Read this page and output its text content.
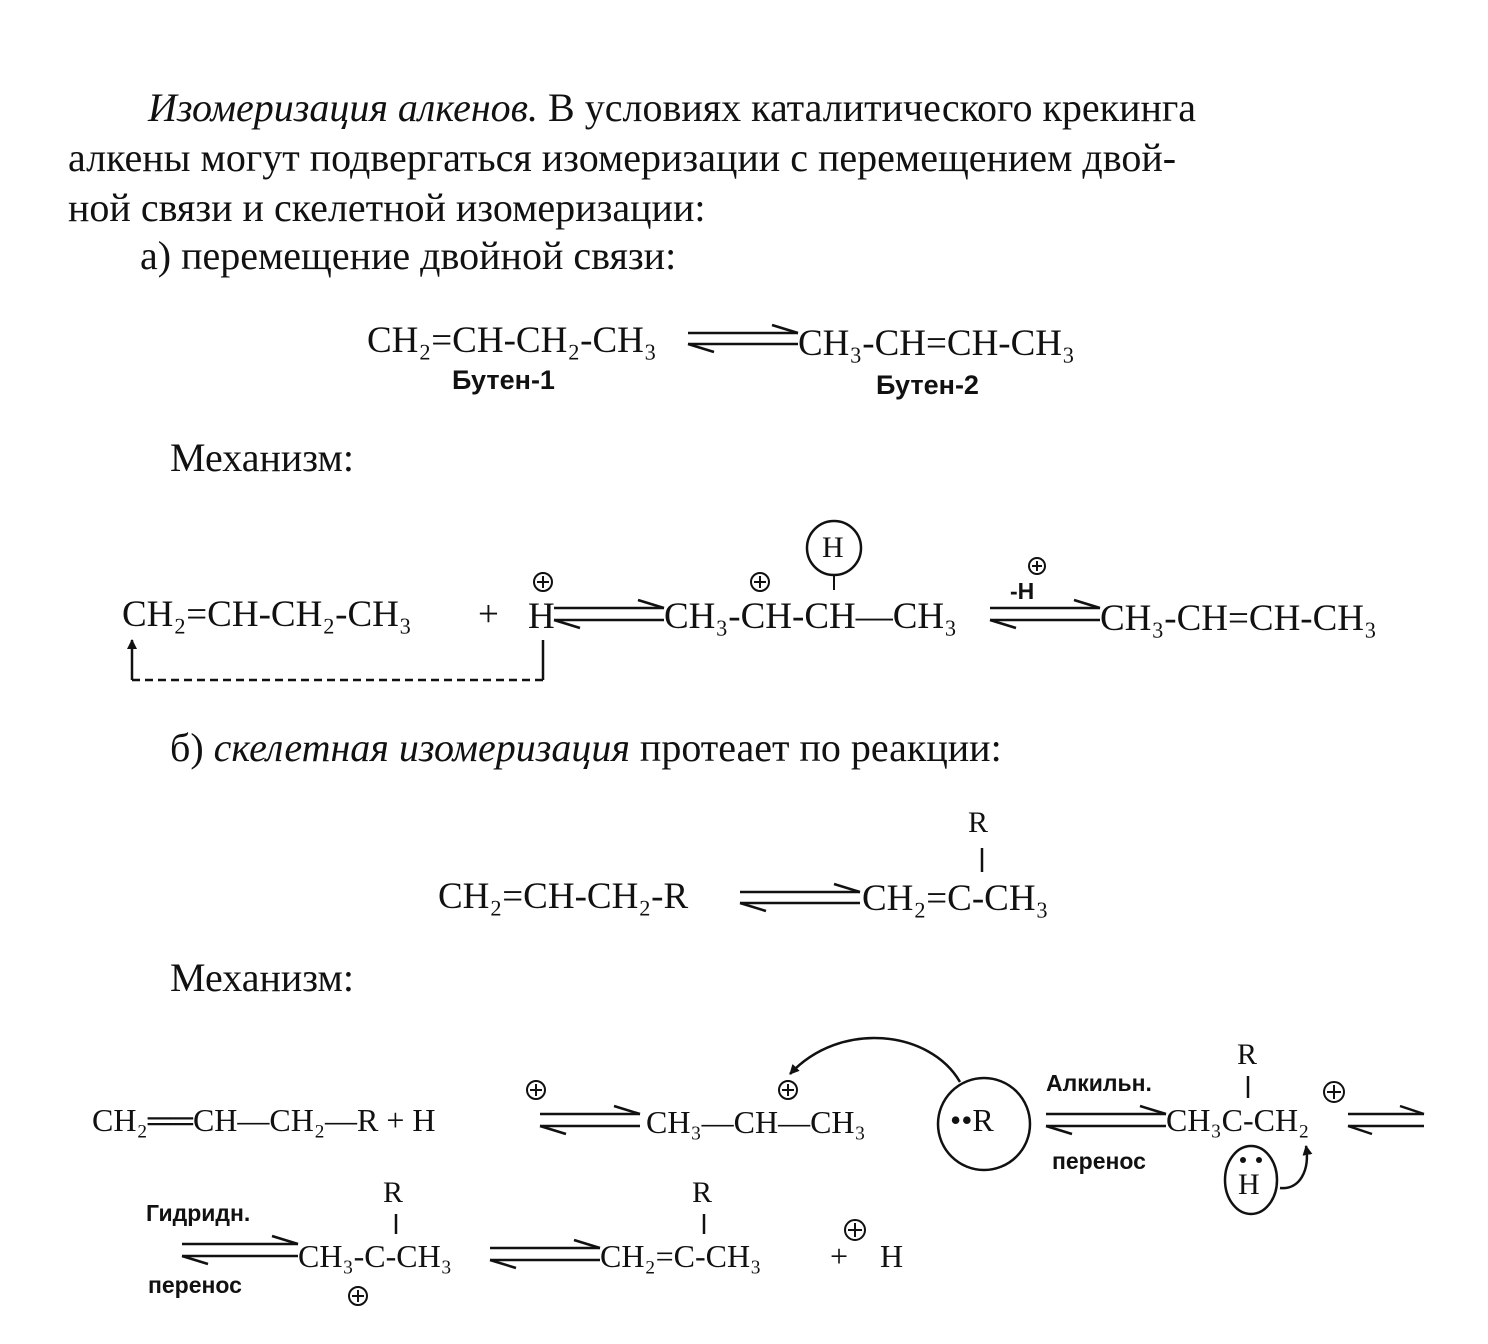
Изомеризация алкенов. В условиях каталитического крекинга
алкены могут подвергаться изомеризации с перемещением двой-
ной связи и скелетной изомеризации:
а) перемещение двойной связи:
CH₂=CH-CH₂-CH₃	CH₃-CH=CH-CH₃
Бутен-1	Бутен-2
Механизм:
CH₂=CH-CH₂-CH₃ + H	CH₃-CH-CH—CH₃
H
-H
CH₃-CH=CH-CH₃
б) скелетная изомеризация протеает по реакции:
R
CH₂=CH-CH₂-R	CH₂=C-CH₃
Механизм:
CH₂══CH—CH₂—R + H	CH₃—CH—CH₃	••R
Алкильн.
перенос
R
CH₃C-CH₂
H
Гидридн.
перенос
R
CH₃-C-CH₃
R
CH₂=C-CH₃ + H
